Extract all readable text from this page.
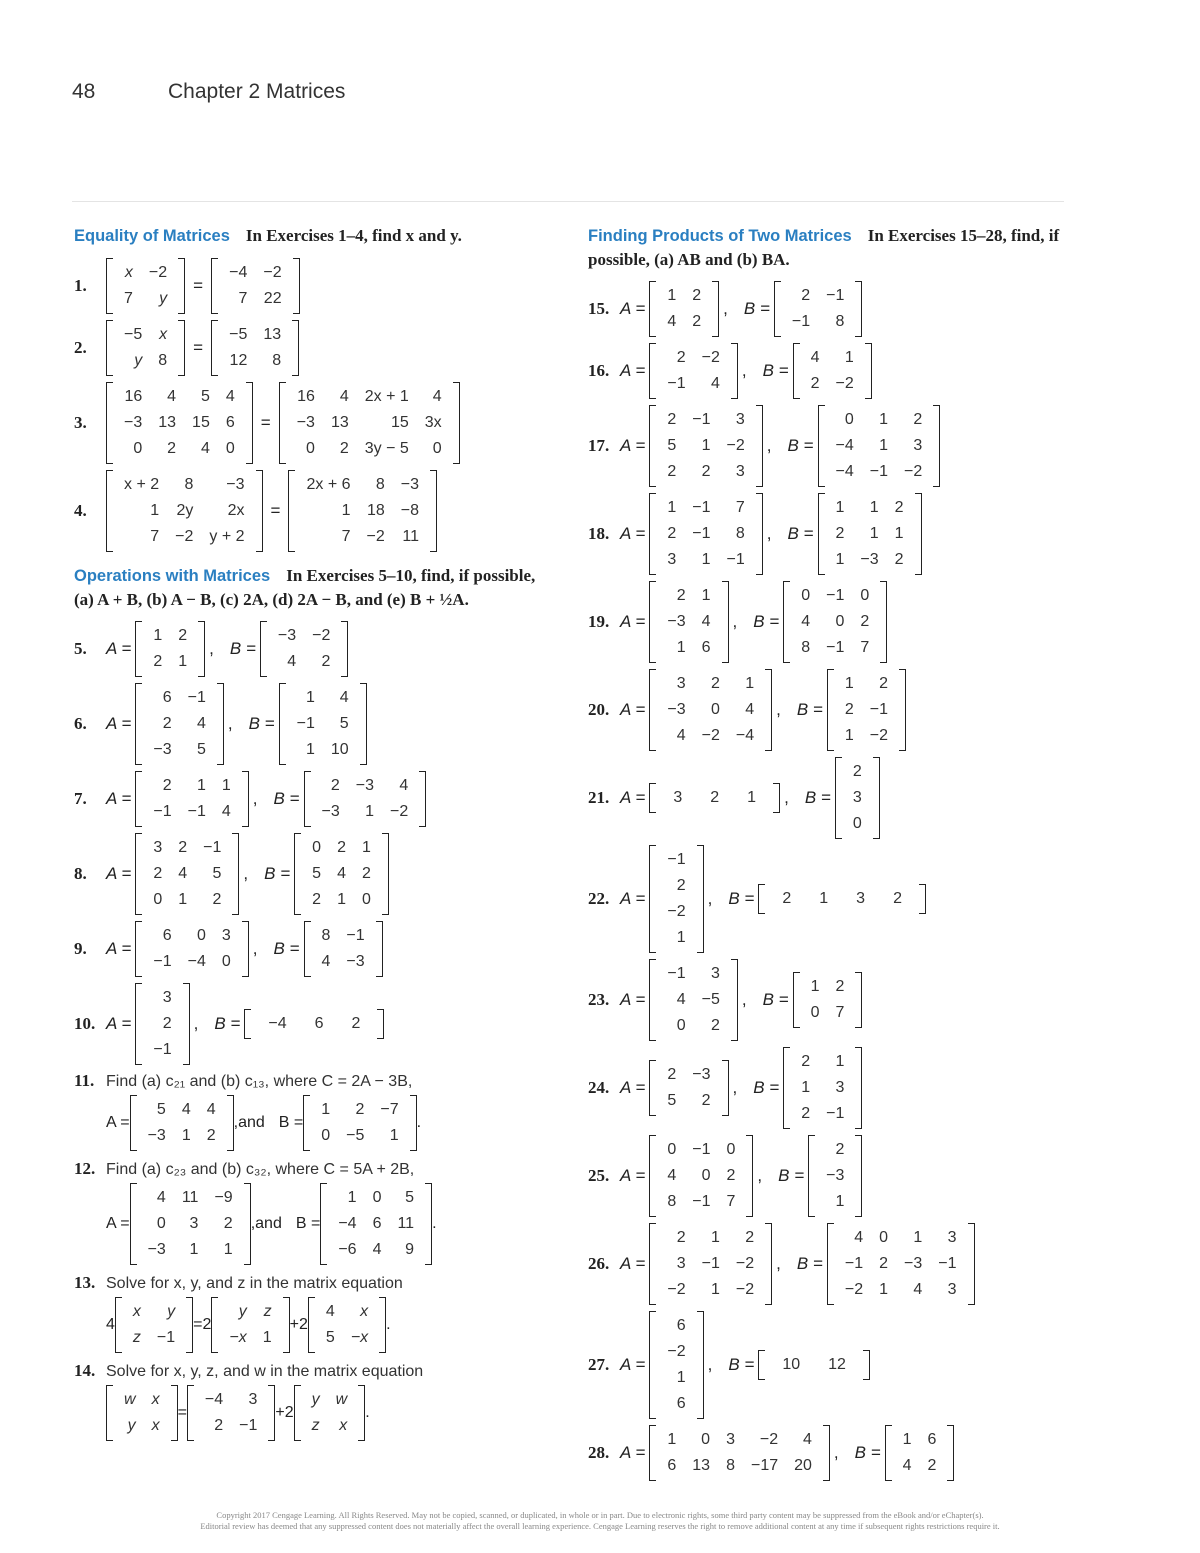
48	Chapter 2 Matrices
Equality of Matrices In Exercises 1–4, find x and y.
1.
x	−2
7	y
=
−4	−2
7	22
2.
−5	x
y	8
=
−5	13
12	8
3.
16	4	5	4
−3	13	15	6
0	2	4	0
=
16	4	2x + 1	4
−3	13	15	3x
0	2	3y − 5	0
4.
x + 2	8	−3
1	2y	2x
7	−2	y + 2
=
2x + 6	8	−3
1	18	−8
7	−2	11
Operations with Matrices In Exercises 5–10, find, if possible, (a) A + B, (b) A − B, (c) 2A, (d) 2A − B, and (e) B + ½A.
5.	A =
1	2
2	1
, B =
−3	−2
4	2
6.	A =
6	−1
2	4
−3	5
, B =
1	4
−1	5
1	10
7.	A =
2	1	1
−1	−1	4
, B =
2	−3	4
−3	1	−2
8.	A =
3	2	−1
2	4	5
0	1	2
, B =
0	2	1
5	4	2
2	1	0
9.	A =
6	0	3
−1	−4	0
, B =
8	−1
4	−3
10. A =
3
2
−1
, B = −4	6	2
11. Find (a) c₂₁ and (b) c₁₃, where C = 2A − 3B,
A =
5	4	4
−3	1	2
, and B =
1	2	−7
0	−5	1
.
12. Find (a) c₂₃ and (b) c₃₂, where C = 5A + 2B,
A =
4	11	−9
0	3	2
−3	1	1
, and B =
1	0	5
−4	6	11
−6	4	9
.
13. Solve for x, y, and z in the matrix equation
4
x	y
z	−1
= 2
y	z
−x	1
+ 2
4	x
5	−x
.
14. Solve for x, y, z, and w in the matrix equation
w	x
y	x
=
−4	3
2	−1
+ 2
y	w
z	x
.
Finding Products of Two Matrices In Exercises 15–28, find, if possible, (a) AB and (b) BA.
15. A =
1	2
4	2
, B =
2	−1
−1	8
16. A =
2	−2
−1	4
, B =
4	1
2	−2
17. A =
2	−1	3
5	1	−2
2	2	3
, B =
0	1	2
−4	1	3
−4	−1	−2
18. A =
1	−1	7
2	−1	8
3	1	−1
, B =
1	1	2
2	1	1
1	−3	2
19. A =
2	1
−3	4
1	6
, B =
0	−1	0
4	0	2
8	−1	7
20. A =
3	2	1
−3	0	4
4	−2	−4
, B =
1	2
2	−1
1	−2
21. A = 3	2	1 , B =
2
3
0
22. A =
−1
2
−2
1
, B = 2	1	3	2
23. A =
−1	3
4	−5
0	2
, B =
1	2
0	7
24. A =
2	−3
5	2
, B =
2	1
1	3
2	−1
25. A =
0	−1	0
4	0	2
8	−1	7
, B =
2
−3
1
26. A =
2	1	2
3	−1	−2
−2	1	−2
, B =
4	0	1	3
−1	2	−3	−1
−2	1	4	3
27. A =
6
−2
1
6
, B = 10	12
28. A =
1	0	3	−2	4
6	13	8	−17	20
, B =
1	6
4	2
Copyright 2017 Cengage Learning. All Rights Reserved. May not be copied, scanned, or duplicated, in whole or in part. Due to electronic rights, some third party content may be suppressed from the eBook and/or eChapter(s).
Editorial review has deemed that any suppressed content does not materially affect the overall learning experience. Cengage Learning reserves the right to remove additional content at any time if subsequent rights restrictions require it.
